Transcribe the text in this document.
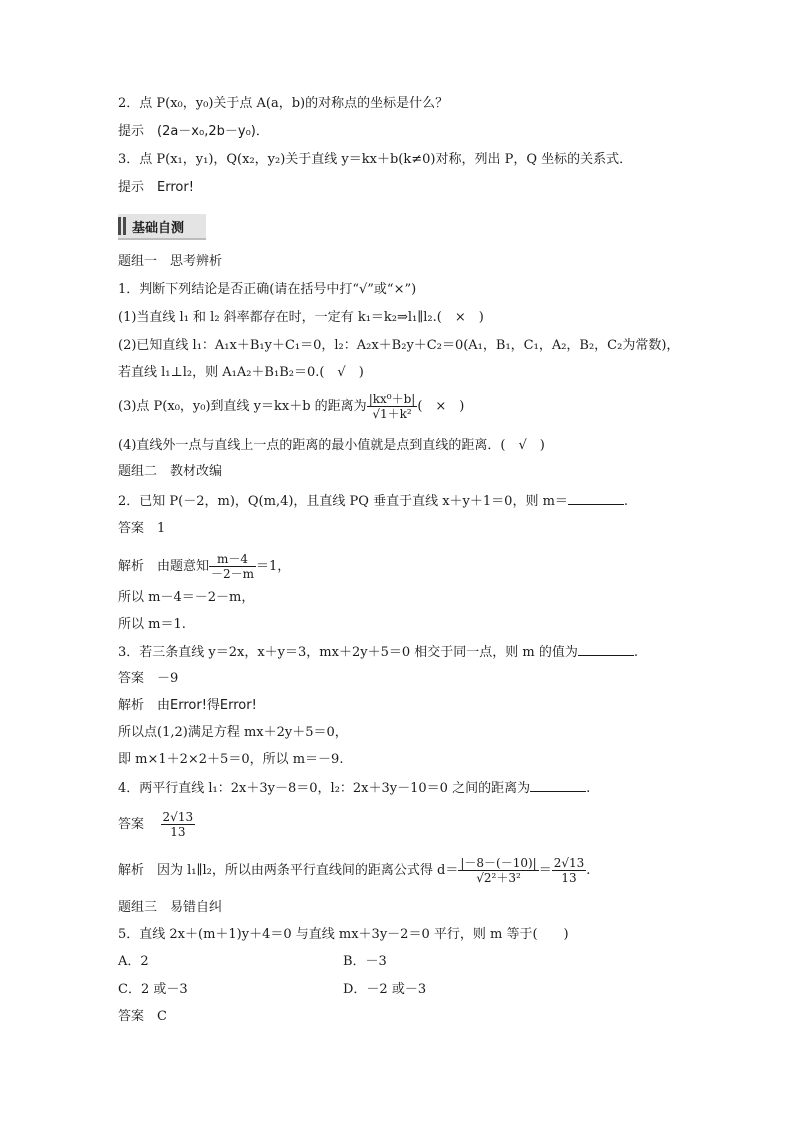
2．点 P(x₀，y₀)关于点 A(a，b)的对称点的坐标是什么？
提示　(2a－x₀,2b－y₀)．
3．点 P(x₁，y₁)，Q(x₂，y₂)关于直线 y＝kx＋b(k≠0)对称，列出 P，Q 坐标的关系式．
提示　Error!
基础自测
题组一　思考辨析
1．判断下列结论是否正确(请在括号中打“√”或“×”)
(1)当直线 l₁ 和 l₂ 斜率都存在时，一定有 k₁＝k₂⇒l₁∥l₂.(　×　)
(2)已知直线 l₁：A₁x＋B₁y＋C₁＝0，l₂：A₂x＋B₂y＋C₂＝0(A₁，B₁，C₁，A₂，B₂，C₂为常数)，
若直线 l₁⊥l₂，则 A₁A₂＋B₁B₂＝0.(　√　)
(3)点 P(x₀，y₀)到直线 y＝kx＋b 的距离为 $\frac{\text{|kx⁰＋b|}}{\text{√1＋k²}}$ (　×　)
(4)直线外一点与直线上一点的距离的最小值就是点到直线的距离．(　√　)
题组二　教材改编
2．已知 P(－2，m)，Q(m,4)，且直线 PQ 垂直于直线 x＋y＋1＝0，则 m＝	.
答案　1
解析　由题意知 $\frac{m-4}{-2-m} =1$，
所以 m－4＝－2－m，
所以 m＝1.
3．若三条直线 y＝2x，x＋y＝3，mx＋2y＋5＝0 相交于同一点，则 m 的值为	.
答案　－9
解析　由Error!得Error!
所以点(1,2)满足方程 mx＋2y＋5＝0，
即 m×1＋2×2＋5＝0，所以 m＝－9.
4．两平行直线 l₁：2x＋3y－8＝0，l₂：2x＋3y－10＝0 之间的距离为	.
答案 $\frac{2√13}{13}$
解析　因为 l₁∥l₂，所以由两条平行直线间的距离公式得 $d= \frac{|-8-(-10)|}{\text{√2²＋3²}} = \frac{2√13}{13}$ .
题组三　易错自纠
5．直线 2x＋(m＋1)y＋4＝0 与直线 mx＋3y－2＝0 平行，则 m 等于(　　)
A．2	B．－3
C．2 或－3	D．－2 或－3
答案　C
